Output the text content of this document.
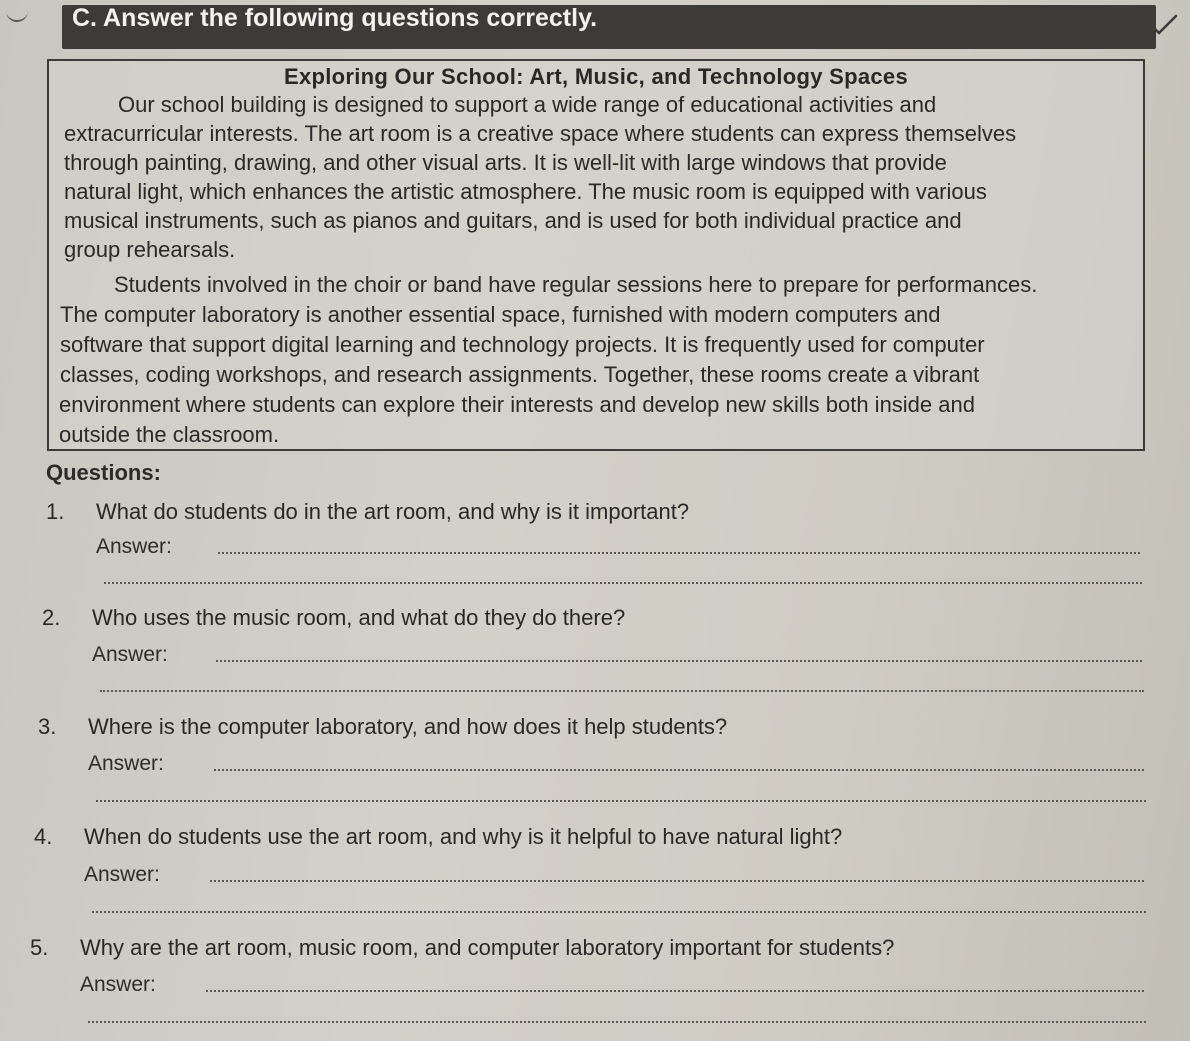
C. Answer the following questions correctly.
Exploring Our School: Art, Music, and Technology Spaces
Our school building is designed to support a wide range of educational activities and
extracurricular interests. The art room is a creative space where students can express themselves
through painting, drawing, and other visual arts. It is well-lit with large windows that provide
natural light, which enhances the artistic atmosphere. The music room is equipped with various
musical instruments, such as pianos and guitars, and is used for both individual practice and
group rehearsals.
Students involved in the choir or band have regular sessions here to prepare for performances.
The computer laboratory is another essential space, furnished with modern computers and
software that support digital learning and technology projects. It is frequently used for computer
classes, coding workshops, and research assignments. Together, these rooms create a vibrant
environment where students can explore their interests and develop new skills both inside and
outside the classroom.
Questions:
1. What do students do in the art room, and why is it important?
Answer:
2. Who uses the music room, and what do they do there?
Answer:
3. Where is the computer laboratory, and how does it help students?
Answer:
4. When do students use the art room, and why is it helpful to have natural light?
Answer:
5. Why are the art room, music room, and computer laboratory important for students?
Answer:
